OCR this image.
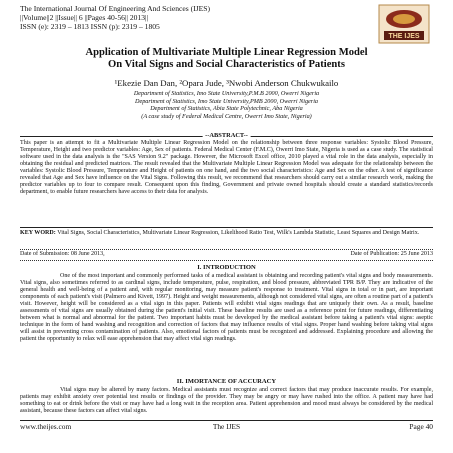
The International Journal Of Engineering And Sciences (IJES)
||Volume||2 ||Issue|| 6 ||Pages 40-56|| 2013||
ISSN (e): 2319 – 1813 ISSN (p): 2319 – 1805
THE IJES
Application of Multivariate Multiple Linear Regression Model
On Vital Signs and Social Characteristics of Patients
¹Ekezie Dan Dan, ²Opara Jude, ³Nwobi Anderson Chukwukailo
Department of Statistics, Imo State University,P.M.B 2000, Owerri Nigeria
Department of Statistics, Imo State University,PMB 2000, Owerri Nigeria
Department of Statistics, Abia State Polytechnic, Aba Nigeria
(A case study of Federal Medical Centre, Owerri Imo State, Nigeria)
--ABSTRACT--
This paper is an attempt to fit a Multivariate Multiple Linear Regression Model on the relationship between three response variables: Systolic Blood Pressure, Temperature, Height and two predictor variables: Age, Sex of patients. Federal Medical Center (F.M.C), Owerri Imo State, Nigeria is used as a case study. The statistical software used in the data analysis is the "SAS Version 9.2" package. However, the Microsoft Excel office, 2010 played a vital role in the data analysis, especially in obtaining the residual and predicted matrices. The result revealed that the Multivariate Multiple Linear Regression Model was adequate for the relationship between the variables: Systolic Blood Pressure, Temperature and Height of patients on one hand, and the two social characteristics: Age and Sex on the other. A test of significance revealed that Age and Sex have influence on the Vital Signs. Following this result, we recommend that researchers should carry out a similar research work, making the predictor variables up to four to compare result. Consequent upon this finding, Government and private owned hospitals should create a standard statistics/records department, to enable future researchers have access to their data for analysis.
KEY WORD: Vital Signs, Social Characteristics, Multivariate Linear Regression, Likelihood Ratio Test, Wilk's Lambda Statistic, Least Squares and Design Matrix.
Date of Submission: 08 June 2013,	Date of Publication: 25 June 2013
I. INTRODUCTION
One of the most important and commonly performed tasks of a medical assistant is obtaining and recording patient's vital signs and body measurements. Vital signs, also sometimes referred to as cardinal signs, include temperature, pulse, respiration, and blood pressure, abbreviated TPR B/P. They are indicative of the general health and well-being of a patient and, with regular monitoring, may measure patient's response to treatment. Vital signs in total or in part, are important components of each patient's visit (Palmero and Kivett, 1997). Height and weight measurements, although not considered vital signs, are often a routine part of a patient's visit. However, height will be considered as a vital sign in this paper. Patients will exhibit vital signs readings that are uniquely their own. As a result, baseline assessments of vital signs are usually obtained during the patient's initial visit. These baseline results are used as a reference point for future readings, differentiating between what is normal and abnormal for the patient. Two important habits must be developed by the medical assistant before taking a patient's vital signs: aseptic technique in the form of hand washing and recognition and correction of factors that may influence results of vital signs. Proper hand washing before taking vital signs will assist in preventing cross contamination of patients. Also, emotional factors of patients must be recognized and addressed. Explaining procedure and allowing the patient the opportunity to relax will ease apprehension that may affect vital sign readings.
II. IMORTANCE OF ACCURACY
Vital signs may be altered by many factors. Medical assistants must recognize and correct factors that may produce inaccurate results. For example, patients may exhibit anxiety over potential test results or findings of the provider. They may be angry or may have rushed into the office. A patient may have had something to eat or drink before the visit or may have had a long wait in the reception area. Patient apprehension and mood must always be considered by the medical assistant, because these factors can affect vital signs.
www.theijes.com	The IJES	Page 40
